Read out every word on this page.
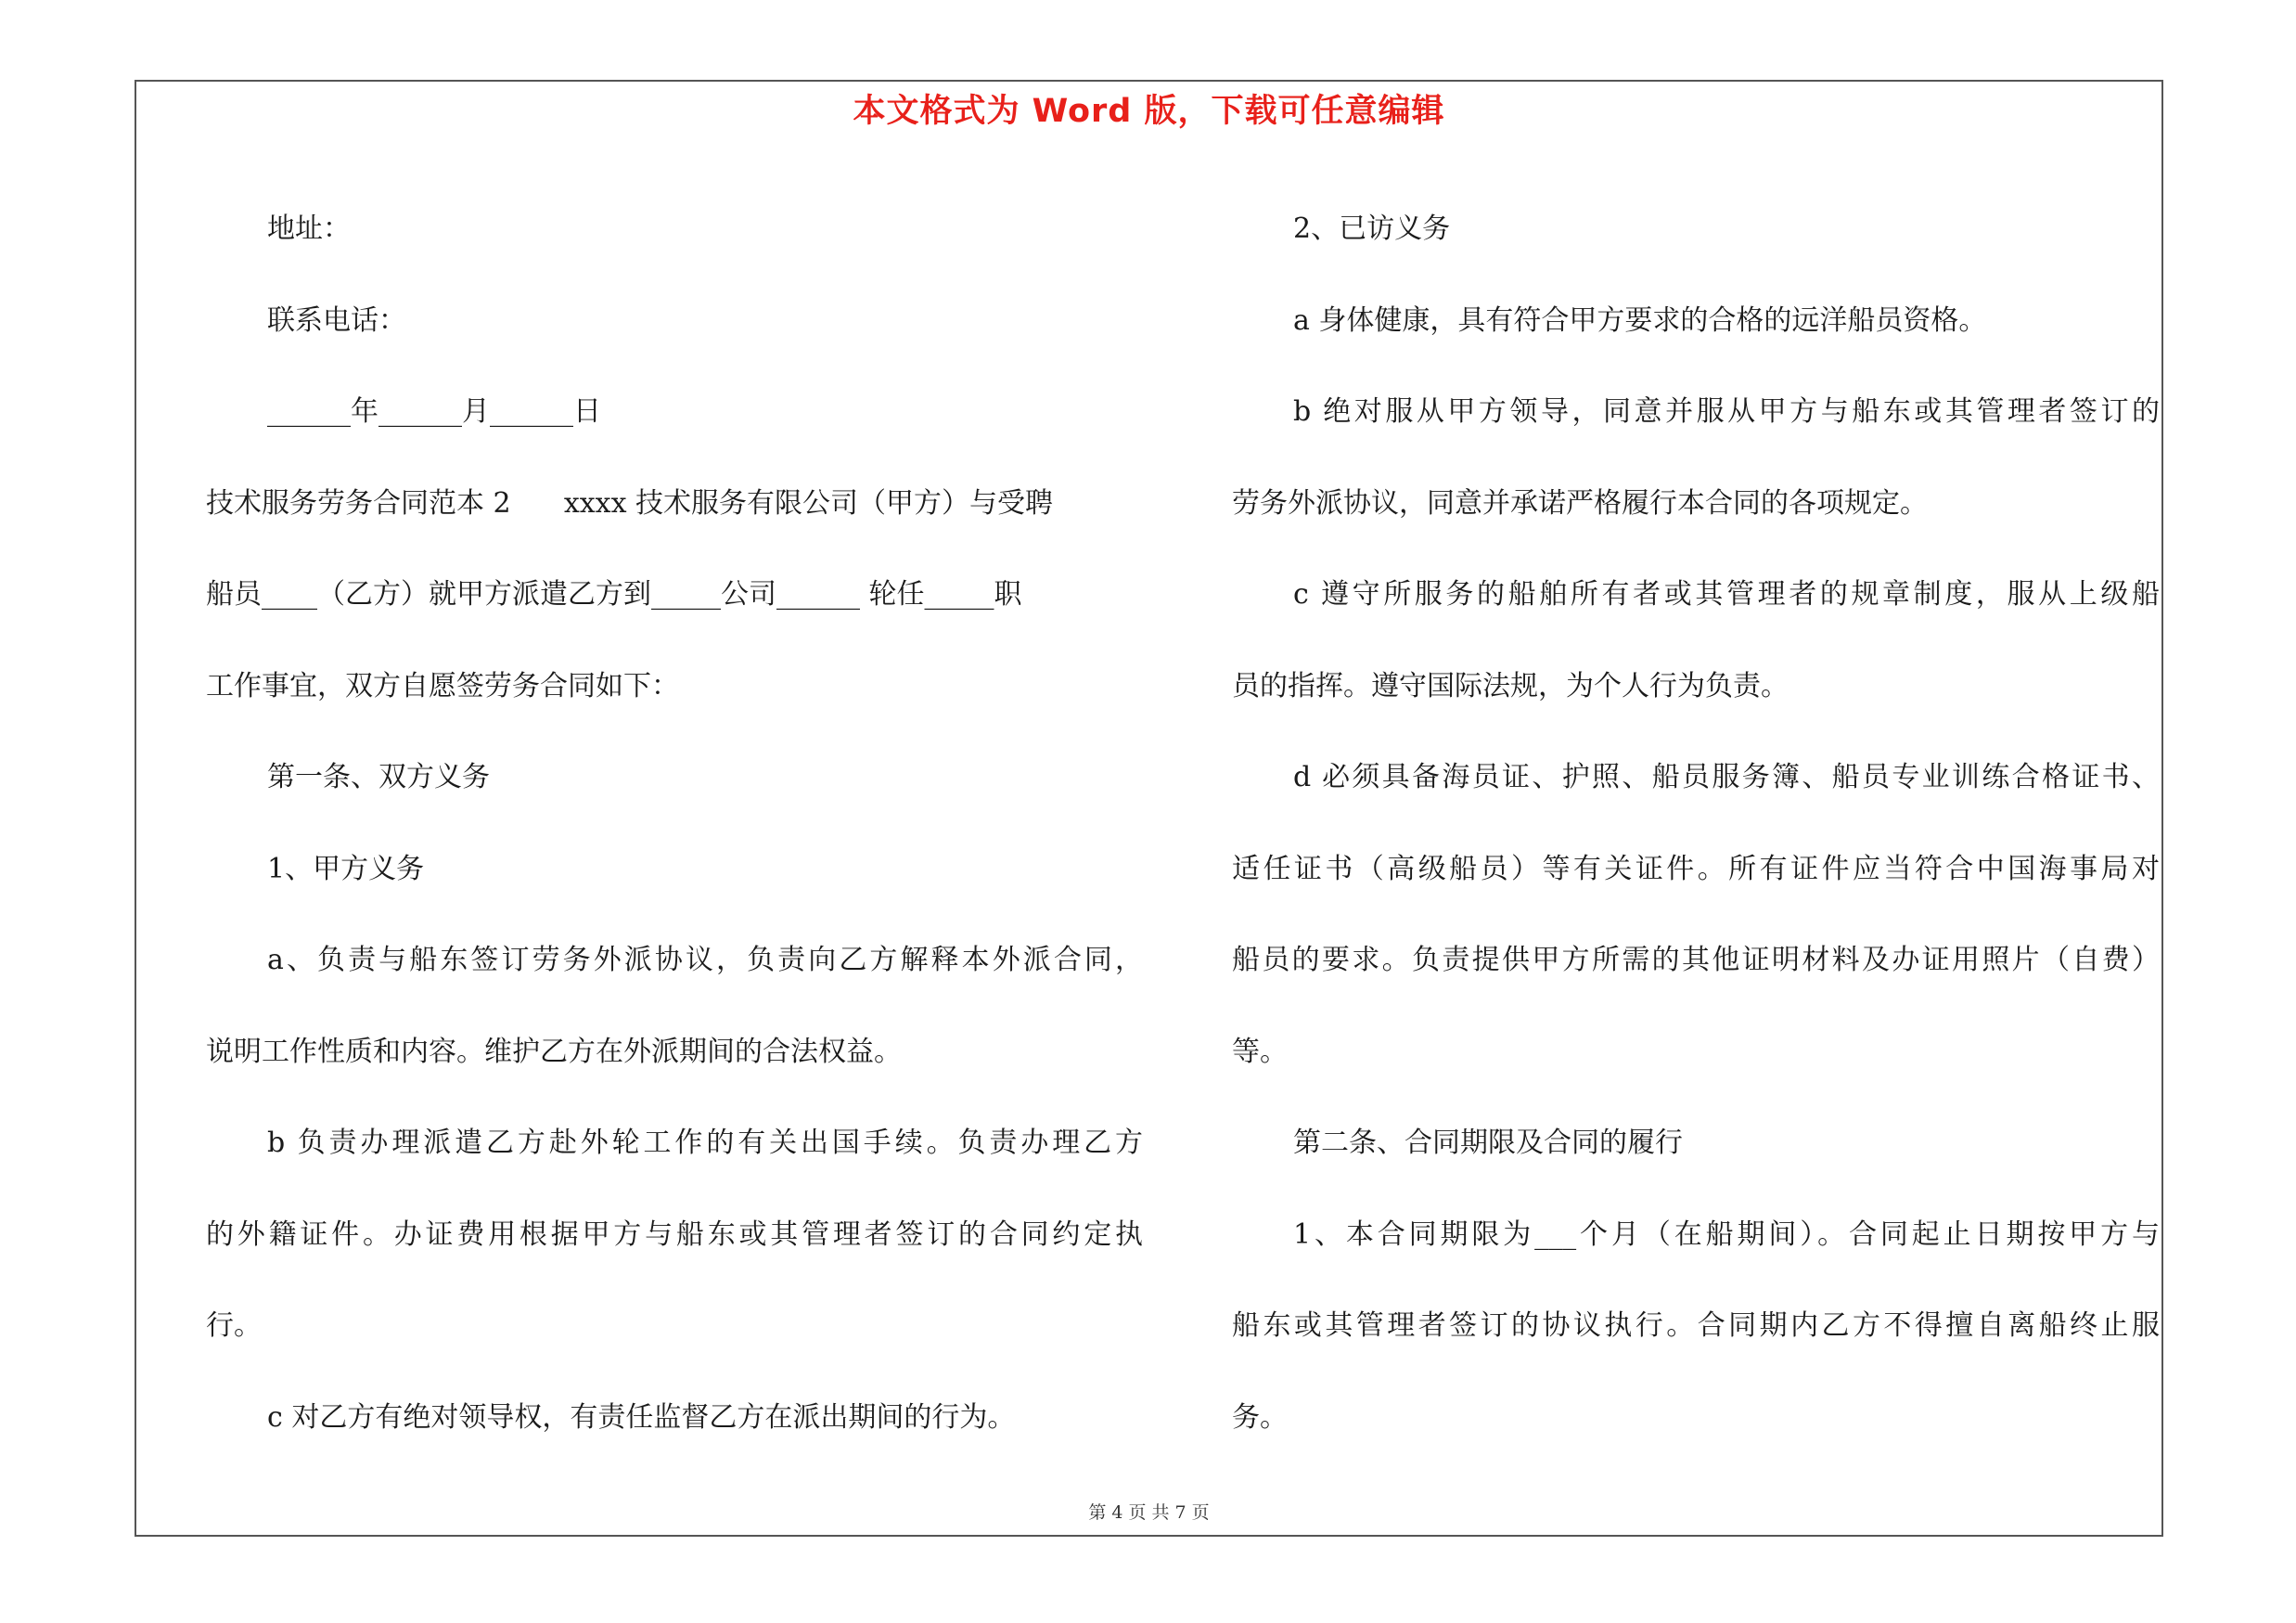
本文格式为 Word 版，下载可任意编辑
地址：
联系电话：
______年______月______日
技术服务劳务合同范本 2      xxxx 技术服务有限公司（甲方）与受聘
船员____（乙方）就甲方派遣乙方到_____公司______ 轮任_____职
工作事宜，双方自愿签劳务合同如下：
第一条、双方义务
1、甲方义务
a、负责与船东签订劳务外派协议，负责向乙方解释本外派合同，
说明工作性质和内容。维护乙方在外派期间的合法权益。
b 负责办理派遣乙方赴外轮工作的有关出国手续。负责办理乙方
的外籍证件。办证费用根据甲方与船东或其管理者签订的合同约定执
行。
c 对乙方有绝对领导权，有责任监督乙方在派出期间的行为。
2、已访义务
a 身体健康，具有符合甲方要求的合格的远洋船员资格。
b 绝对服从甲方领导，同意并服从甲方与船东或其管理者签订的
劳务外派协议，同意并承诺严格履行本合同的各项规定。
c 遵守所服务的船舶所有者或其管理者的规章制度，服从上级船
员的指挥。遵守国际法规，为个人行为负责。
d 必须具备海员证、护照、船员服务簿、船员专业训练合格证书、
适任证书（高级船员）等有关证件。所有证件应当符合中国海事局对
船员的要求。负责提供甲方所需的其他证明材料及办证用照片（自费）
等。
第二条、合同期限及合同的履行
1、本合同期限为___个月（在船期间）。合同起止日期按甲方与
船东或其管理者签订的协议执行。合同期内乙方不得擅自离船终止服
务。
第 4 页 共 7 页
